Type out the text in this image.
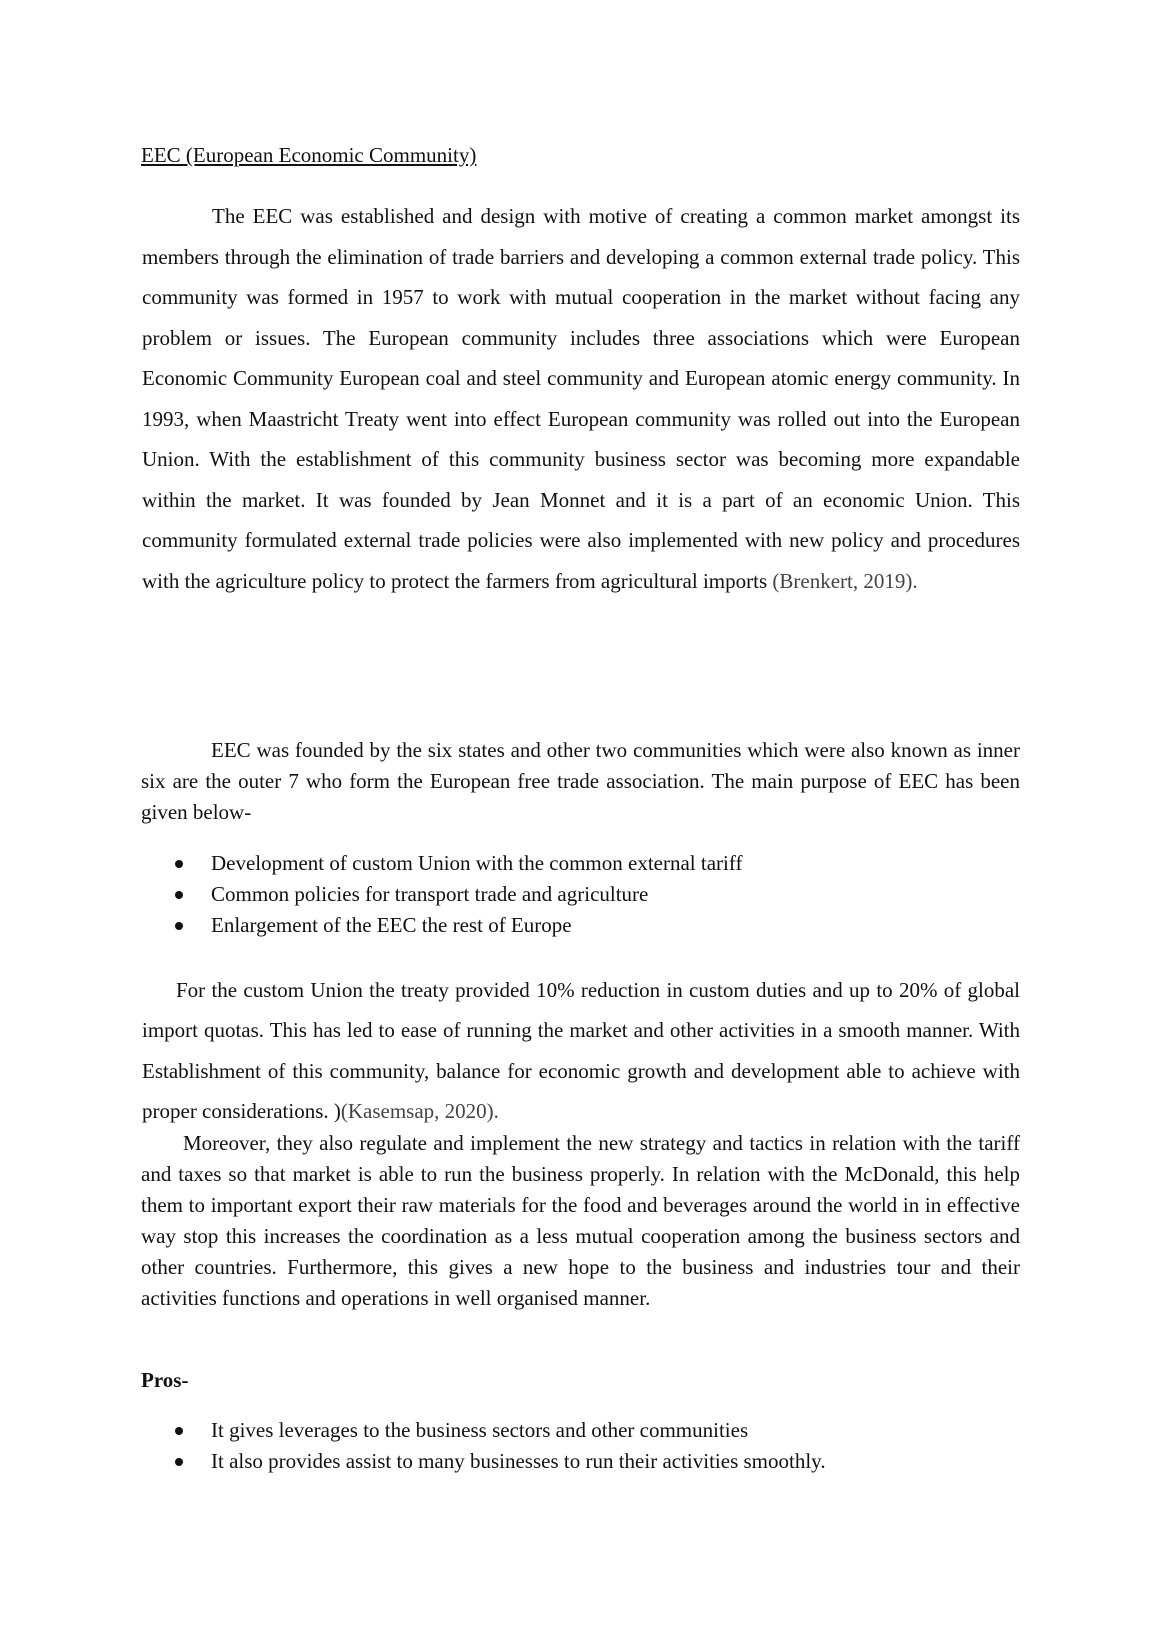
EEC (European Economic Community)

The EEC was established and design with motive of creating a common market amongst its members through the elimination of trade barriers and developing a common external trade policy. This community was formed in 1957 to work with mutual cooperation in the market without facing any problem or issues. The European community includes three associations which were European Economic Community European coal and steel community and European atomic energy community. In 1993, when Maastricht Treaty went into effect European community was rolled out into the European Union. With the establishment of this community business sector was becoming more expandable within the market. It was founded by Jean Monnet and it is a part of an economic Union. This community formulated external trade policies were also implemented with new policy and procedures with the agriculture policy to protect the farmers from agricultural imports (Brenkert, 2019).

EEC was founded by the six states and other two communities which were also known as inner six are the outer 7 who form the European free trade association. The main purpose of EEC has been given below-

Development of custom Union with the common external tariff
Common policies for transport trade and agriculture
Enlargement of the EEC the rest of Europe

For the custom Union the treaty provided 10% reduction in custom duties and up to 20% of global import quotas. This has led to ease of running the market and other activities in a smooth manner. With Establishment of this community, balance for economic growth and development able to achieve with proper considerations. )(Kasemsap, 2020).

Moreover, they also regulate and implement the new strategy and tactics in relation with the tariff and taxes so that market is able to run the business properly. In relation with the McDonald, this help them to important export their raw materials for the food and beverages around the world in in effective way stop this increases the coordination as a less mutual cooperation among the business sectors and other countries. Furthermore, this gives a new hope to the business and industries tour and their activities functions and operations in well organised manner.

Pros-

It gives leverages to the business sectors and other communities
It also provides assist to many businesses to run their activities smoothly.
